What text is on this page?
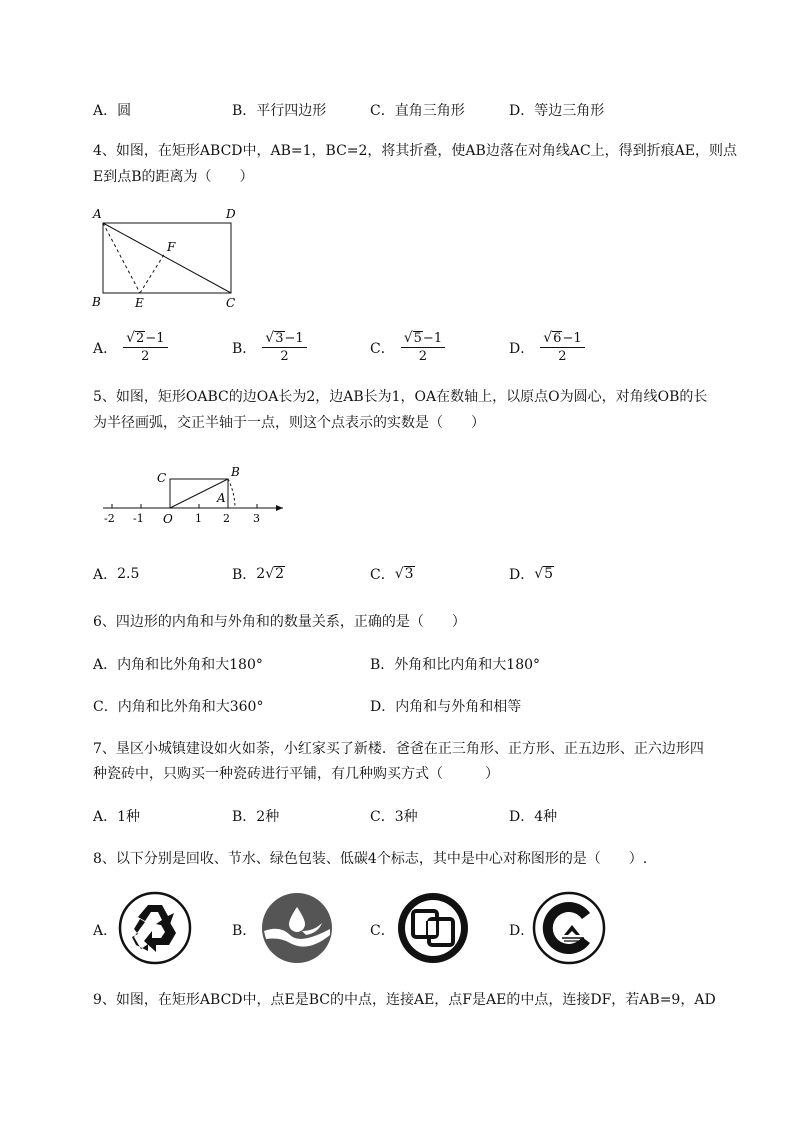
A． 圆	B． 平行四边形	C． 直角三角形	D． 等边三角形
4、如图，在矩形ABCD中，AB=1，BC=2，将其折叠，使AB边落在对角线AC上，得到折痕AE，则点
E到点B的距离为（　　）
A	D
B	E	C
F
A． $\frac{√ 2 -1}{2}$	B． $\frac{√ 3 -1}{2}$	C． $\frac{√ 5 -1}{2}$	D． $\frac{√ 6 -1}{2}$
5、如图，矩形OABC的边OA长为2，边AB长为1，OA在数轴上，以原点O为圆心，对角线OB的长
为半径画弧，交正半轴于一点，则这个点表示的实数是（　　）
C	B
A
-2 -1 O 1 2 3
A． 2.5	B． 2 √ 2	C． √ 3	D． √ 5
6、四边形的内角和与外角和的数量关系，正确的是（　　）
A． 内角和比外角和大180°	B． 外角和比内角和大180°
C． 内角和比外角和大360°	D． 内角和与外角和相等
7、垦区小城镇建设如火如荼，小红家买了新楼．爸爸在正三角形、正方形、正五边形、正六边形四
种瓷砖中，只购买一种瓷砖进行平铺，有几种购买方式（　　　）
A． 1种	B． 2种	C． 3种	D． 4种
8、以下分别是回收、节水、绿色包装、低碳4个标志，其中是中心对称图形的是（　　）.
A．	B．	C．	D．
9、如图，在矩形ABCD中，点E是BC的中点，连接AE，点F是AE的中点，连接DF，若AB=9，AD
